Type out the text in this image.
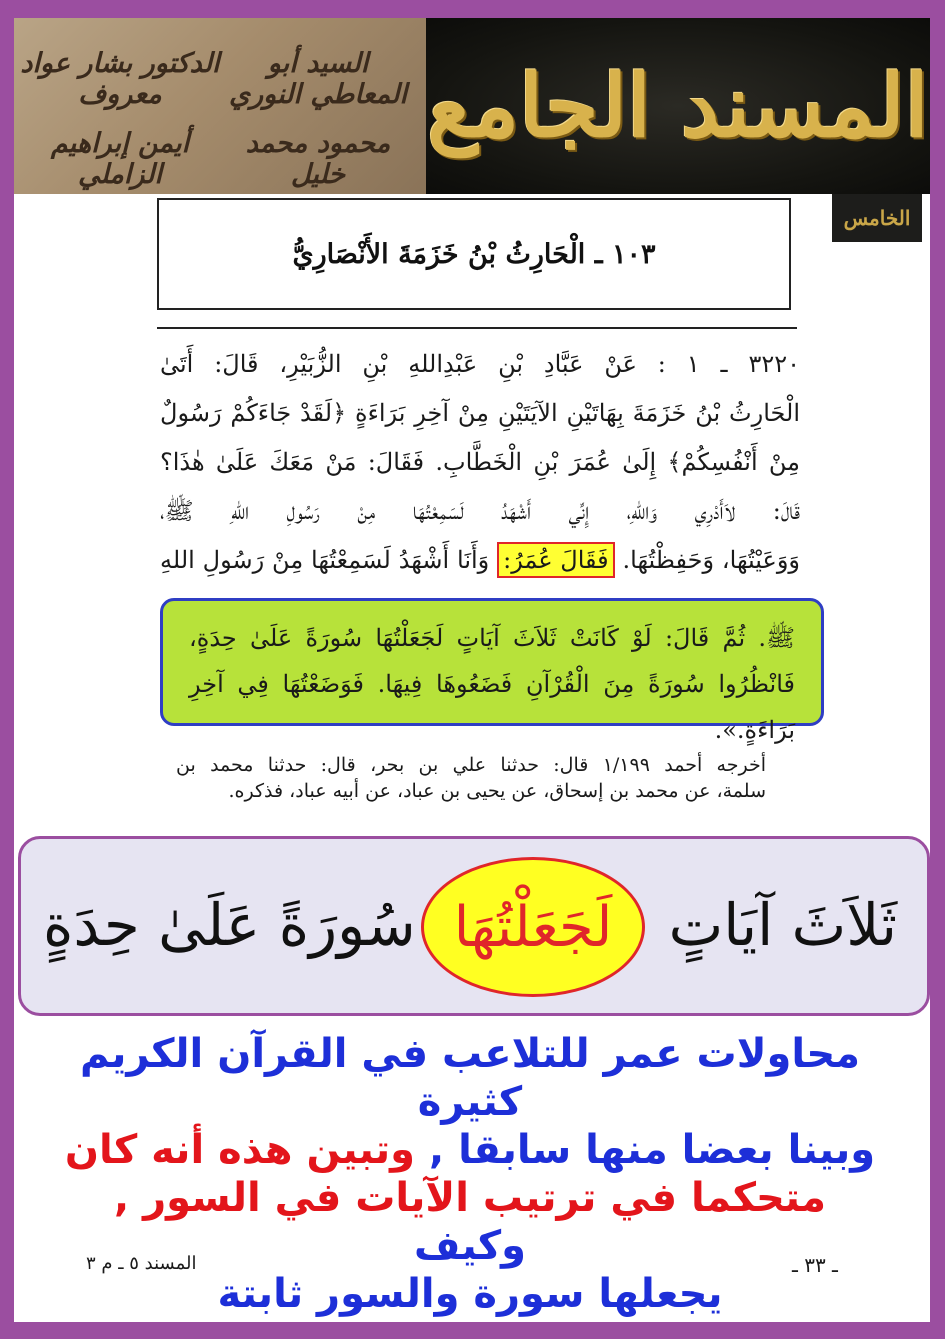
السيد أبو المعاطي النوري
الدكتور بشار عواد معروف
محمود محمد خليل
أيمن إبراهيم الزاملي
المسند الجامع
الخامس
١٠٣ ـ الْحَارِثُ بْنُ خَزَمَةَ الأَنْصَارِيُّ

٣٢٢٠ ـ ١ : عَنْ عَبَّادِ بْنِ عَبْدِاللهِ بْنِ الزُّبَيْرِ، قَالَ: أَتَىٰ

الْحَارِثُ بْنُ خَزَمَةَ بِهَاتَيْنِ الآيَتَيْنِ مِنْ آخِرِ بَرَاءَةٍ ﴿لَقَدْ جَاءَكُمْ رَسُولٌ

مِنْ أَنْفُسِكُمْ﴾ إِلَىٰ عُمَرَ بْنِ الْخَطَّابِ. فَقَالَ: مَنْ مَعَكَ عَلَىٰ هٰذَا؟

قَالَ: لاَأَدْرِي وَاللهِ، إِنِّي أَشْهَدُ لَسَمِعْتُهَا مِنْ رَسُولِ اللهِ ﷺ،

وَوَعَيْتُهَا، وَحَفِظْتُهَا. فَقَالَ عُمَرُ: وَأَنَا أَشْهَدُ لَسَمِعْتُهَا مِنْ رَسُولِ اللهِ

ﷺ. ثُمَّ قَالَ: لَوْ كَانَتْ ثَلاَثَ آيَاتٍ لَجَعَلْتُهَا سُورَةً عَلَىٰ حِدَةٍ،

فَانْظُرُوا سُورَةً مِنَ الْقُرْآنِ فَضَعُوهَا فِيهَا. فَوَضَعْتُهَا فِي آخِرِ بَرَاءَةٍ.».

أخرجه أحمد ١/١٩٩ قال: حدثنا علي بن بحر، قال: حدثنا محمد بن

سلمة، عن محمد بن إسحاق، عن يحيى بن عباد، عن أبيه عباد، فذكره.

ثَلاَثَ آيَاتٍ
لَجَعَلْتُهَا
سُورَةً عَلَىٰ حِدَةٍ

محاولات عمر للتلاعب في القرآن الكريم كثيرة

وبينا بعضا منها سابقا , وتبين هذه أنه كان

متحكما في ترتيب الآيات في السور , وكيف

يجعلها سورة والسور ثابتة

المسند ٥ ـ م ٣	ـ ٣٣ ـ
